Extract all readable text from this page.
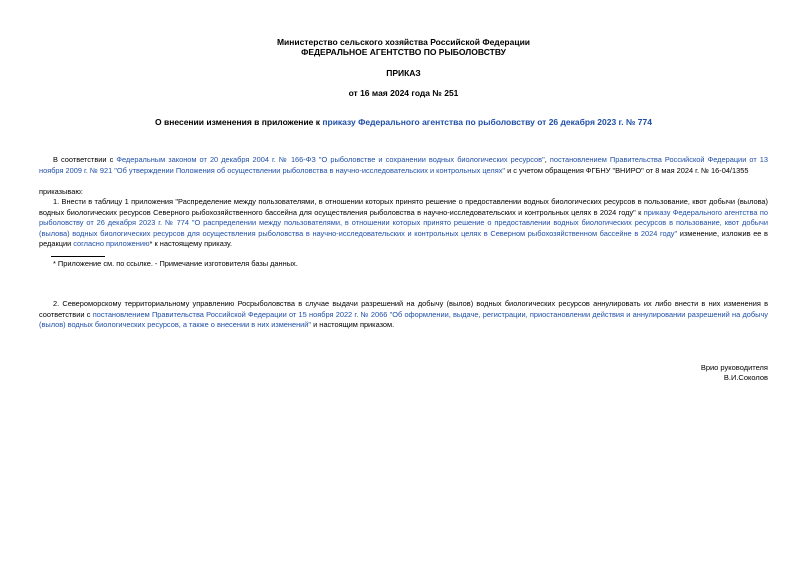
Министерство сельского хозяйства Российской Федерации
ФЕДЕРАЛЬНОЕ АГЕНТСТВО ПО РЫБОЛОВСТВУ
ПРИКАЗ
от 16 мая 2024 года № 251
О внесении изменения в приложение к приказу Федерального агентства по рыболовству от 26 декабря 2023 г. № 774
В соответствии с Федеральным законом от 20 декабря 2004 г. № 166-ФЗ "О рыболовстве и сохранении водных биологических ресурсов", постановлением Правительства Российской Федерации от 13 ноября 2009 г. № 921 "Об утверждении Положения об осуществлении рыболовства в научно-исследовательских и контрольных целях" и с учетом обращения ФГБНУ "ВНИРО" от 8 мая 2024 г. № 16-04/1355
приказываю:
1. Внести в таблицу 1 приложения "Распределение между пользователями, в отношении которых принято решение о предоставлении водных биологических ресурсов в пользование, квот добычи (вылова) водных биологических ресурсов Северного рыбохозяйственного бассейна для осуществления рыболовства в научно-исследовательских и контрольных целях в 2024 году" к приказу Федерального агентства по рыболовству от 26 декабря 2023 г. № 774 "О распределении между пользователями, в отношении которых принято решение о предоставлении водных биологических ресурсов в пользование, квот добычи (вылова) водных биологических ресурсов для осуществления рыболовства в научно-исследовательских и контрольных целях в Северном рыбохозяйственном бассейне в 2024 году" изменение, изложив ее в редакции согласно приложению* к настоящему приказу.
* Приложение см. по ссылке. - Примечание изготовителя базы данных.
2. Североморскому территориальному управлению Росрыболовства в случае выдачи разрешений на добычу (вылов) водных биологических ресурсов аннулировать их либо внести в них изменения в соответствии с постановлением Правительства Российской Федерации от 15 ноября 2022 г. № 2066 "Об оформлении, выдаче, регистрации, приостановлении действия и аннулировании разрешений на добычу (вылов) водных биологических ресурсов, а также о внесении в них изменений" и настоящим приказом.
Врио руководителя
В.И.Соколов
